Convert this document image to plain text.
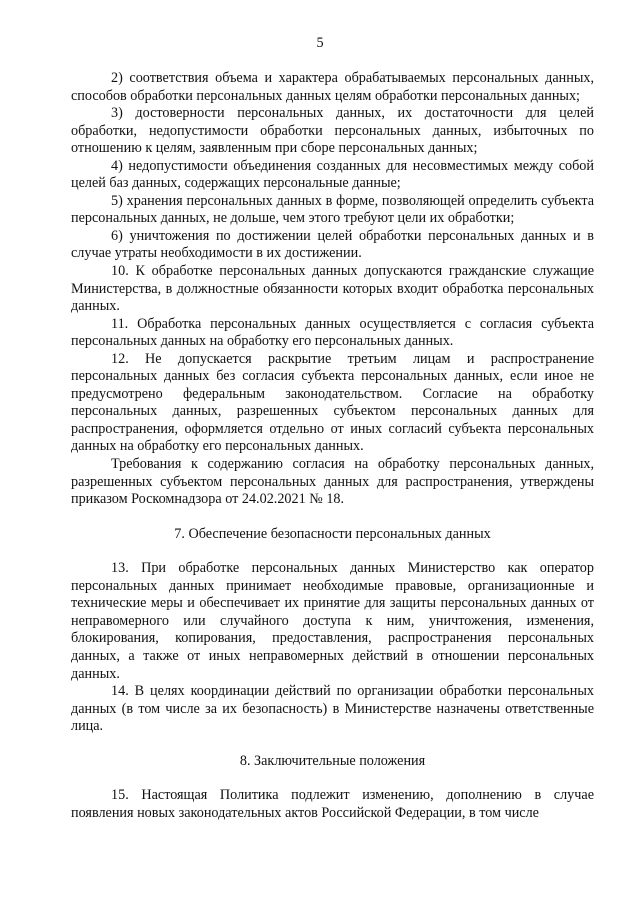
5

2) соответствия объема и характера обрабатываемых персональных данных, способов обработки персональных данных целям обработки персональных данных;

3) достоверности персональных данных, их достаточности для целей обработки, недопустимости обработки персональных данных, избыточных по отношению к целям, заявленным при сборе персональных данных;

4) недопустимости объединения созданных для несовместимых между собой целей баз данных, содержащих персональные данные;

5) хранения персональных данных в форме, позволяющей определить субъекта персональных данных, не дольше, чем этого требуют цели их обработки;

6) уничтожения по достижении целей обработки персональных данных и в случае утраты необходимости в их достижении.

10. К обработке персональных данных допускаются гражданские служащие Министерства, в должностные обязанности которых входит обработка персональных данных.

11. Обработка персональных данных осуществляется с согласия субъекта персональных данных на обработку его персональных данных.

12. Не допускается раскрытие третьим лицам и распространение персональных данных без согласия субъекта персональных данных, если иное не предусмотрено федеральным законодательством. Согласие на обработку персональных данных, разрешенных субъектом персональных данных для распространения, оформляется отдельно от иных согласий субъекта персональных данных на обработку его персональных данных.

Требования к содержанию согласия на обработку персональных данных, разрешенных субъектом персональных данных для распространения, утверждены приказом Роскомнадзора от 24.02.2021 № 18.

7. Обеспечение безопасности персональных данных

13. При обработке персональных данных Министерство как оператор персональных данных принимает необходимые правовые, организационные и технические меры и обеспечивает их принятие для защиты персональных данных от неправомерного или случайного доступа к ним, уничтожения, изменения, блокирования, копирования, предоставления, распространения персональных данных, а также от иных неправомерных действий в отношении персональных данных.

14. В целях координации действий по организации обработки персональных данных (в том числе за их безопасность) в Министерстве назначены ответственные лица.

8. Заключительные положения

15. Настоящая Политика подлежит изменению, дополнению в случае появления новых законодательных актов Российской Федерации, в том числе
